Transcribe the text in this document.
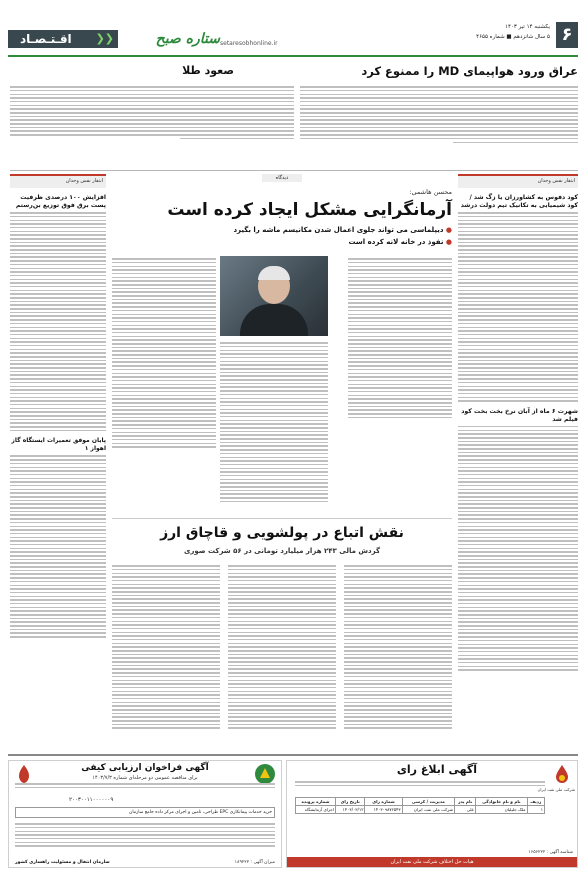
۶
یکشنبه ۱۴ تیر ۱۴۰۳
۵ سال شانزدهم ■ شماره ۴۶۵۵
setaresobhonline.ir
ستاره صبح
❮❮
اقـتـصـاد
عراق ورود هواپیمای MD را ممنوع کرد
صعود طلا
انتقار نفس وحدان
کود دفوس به کشاورزان یا زگ شد / کود شیمیایی به تکانیک تیم دولت درشد
شهرت ۶ ماه از آبان نرخ بخت بخت کود فیلم شد
انتقار نفس وحدان
افزایش ۱۰۰ درصدی ظرفیت پست برق فوق توزیع بن‌رستم
پایان موفق تعمیرات ایستگاه گاز اهواز ۱
دیدگاه
محسن هاشمی:
آرمانگرایی مشکل ایجاد کرده است
● دیپلماسی می تواند جلوی اعمال شدن مکانیسم ماشه را بگیرد
● نفوذ در خانه لانه کرده است
نقش اتباع در پولشویی و قاچاق ارز
گردش مالی ۲۴۳ هزار میلیارد تومانی در ۵۶ شرکت صوری
آگهی ابلاغ رای
شرکت ملی نفت ایران
ردیف	نام و نام خانوادگی	نام پدر	مدیریت / کرسی	شماره رای	تاریخ رای	شماره پرونده
۱	ملک جلیلیان	علی	شرکت ملی نفت ایران	۱۴۰۳۰۹۸۷۶۵۴۳	۱۴۰۳/۰۳/۱۲	اجرای آزمایشگاه
هیات حل اختلاف شرکت ملی نفت ایران
شناسه آگهی : ۱۶۵۶۲۲۲
آگهی فراخوان ارزیابی کیفی
برای مناقصه عمومی دو مرحله‌ای شماره ۱۴۰۳/۷/۳
۲۰۰۳۰۰۱۱۰۰۰۰۰۰۹
خرید خدمات پیمانکاری EPC طراحی، تامین و اجرای مرکز داده جامع سازمان
سازمان انتقال و مسئولیت راهسازی کشور	میزان آگهی : ۱۸۹۲۲۲
